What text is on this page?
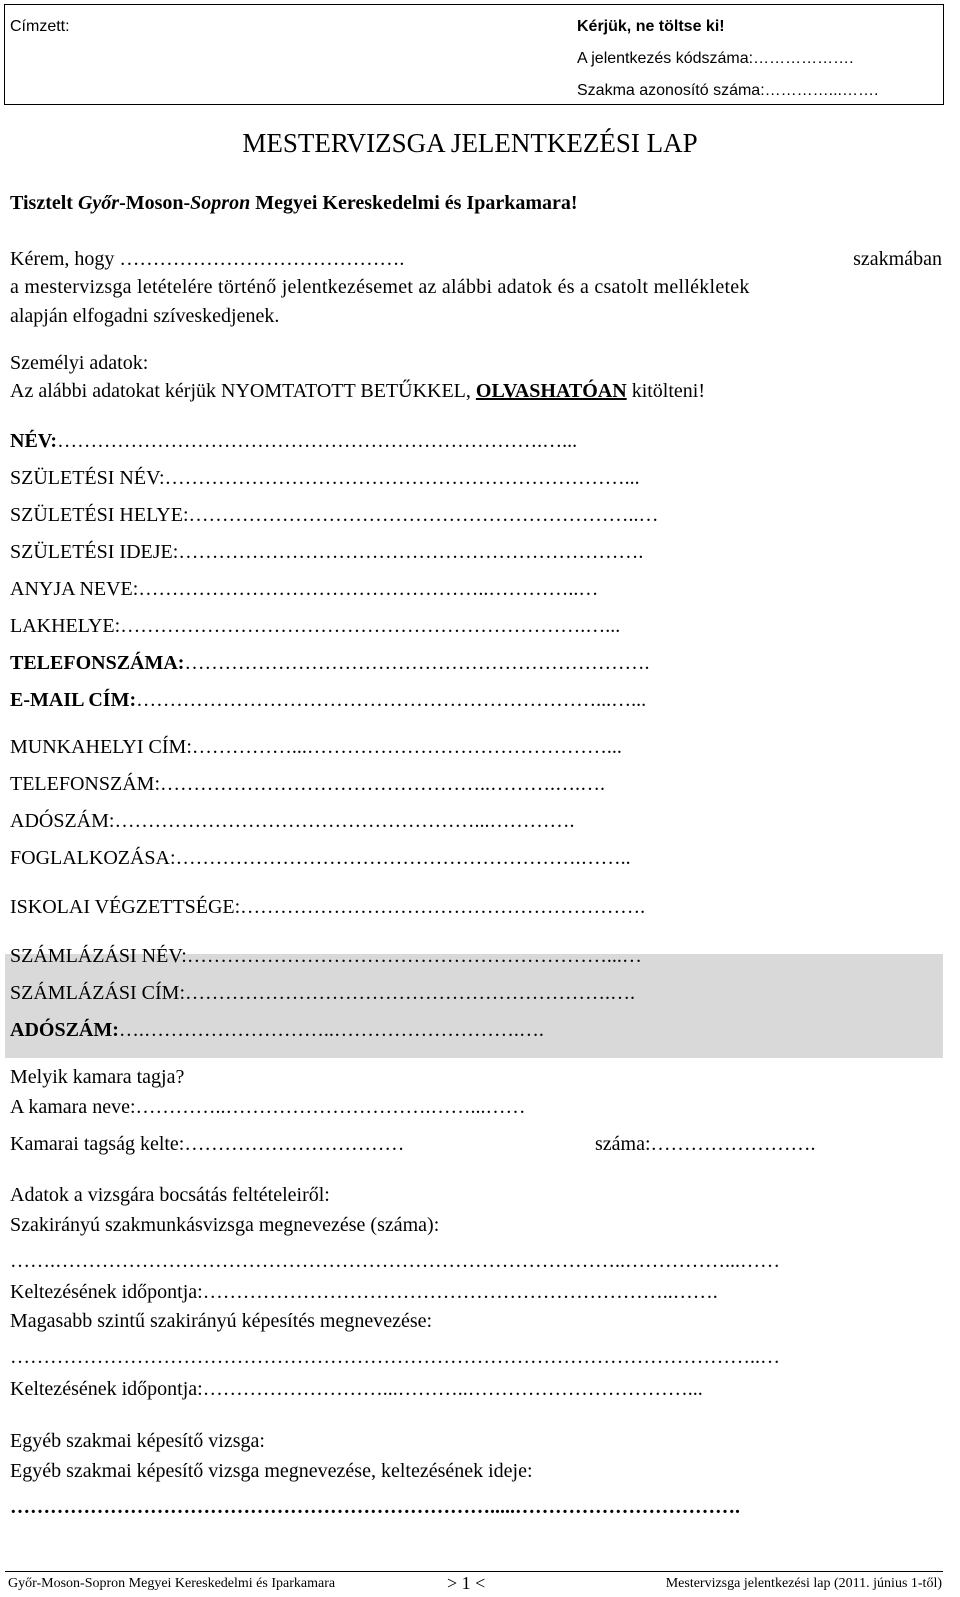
Címzett:	Kérjük, ne töltse ki!
A jelentkezés kódszáma:……………….
Szakma azonosító száma:…………...…….
MESTERVIZSGA JELENTKEZÉSI LAP
Tisztelt Győr-Moson-Sopron Megyei Kereskedelmi és Iparkamara!
Kérem, hogy …………………………………….	szakmában
a mestervizsga letételére történő jelentkezésemet az alábbi adatok és a csatolt mellékletek
alapján elfogadni szíveskedjenek.
Személyi adatok:
Az alábbi adatokat kérjük NYOMTATOTT BETŰKKEL, OLVASHATÓAN kitölteni!
NÉV:……………………………………………………………….…...
SZÜLETÉSI NÉV:……………………………………………………………...
SZÜLETÉSI HELYE:…………………………………………………………..…
SZÜLETÉSI IDEJE:…………………………………………………………….
ANYJA NEVE:……………………………………………..…………..…
LAKHELYE:…………………………………………………………….…...
TELEFONSZÁMA:…………………………………………………………….
E-MAIL CÍM:……………………………………………………………...…...
MUNKAHELYI CÍM:……………...………………………………………...
TELEFONSZÁM:…………………………………………..……….….….
ADÓSZÁM:………………………………………………...………….
FOGLALKOZÁSA:…………………………………………………….……..
ISKOLAI VÉGZETTSÉGE:…………………………………………………….
SZÁMLÁZÁSI NÉV:………………………………………………………...…
SZÁMLÁZÁSI CÍM:……………………………………………………….….
ADÓSZÁM:….………………………..……………………….….
Melyik kamara tagja?
A kamara neve:…………..………………………….……...……
Kamarai tagság kelte:……………………………	száma:…………………….
Adatok a vizsgára bocsátás feltételeiről:
Szakirányú szakmunkásvizsga megnevezése (száma):
…….…………………………………………………………………………..……………...……
Keltezésének időpontja:……………………………………………………………..…….
Magasabb szintű szakirányú képesítés megnevezése:
…………………………………………………………………………………………………..…
Keltezésének időpontja:………………………...………..……………………………...
Egyéb szakmai képesítő vizsga:
Egyéb szakmai képesítő vizsga megnevezése, keltezésének ideje:
……………………………………………………………….....…………………………….
Győr-Moson-Sopron Megyei Kereskedelmi és Iparkamara	> 1 <	Mestervizsga jelentkezési lap (2011. június 1-től)
